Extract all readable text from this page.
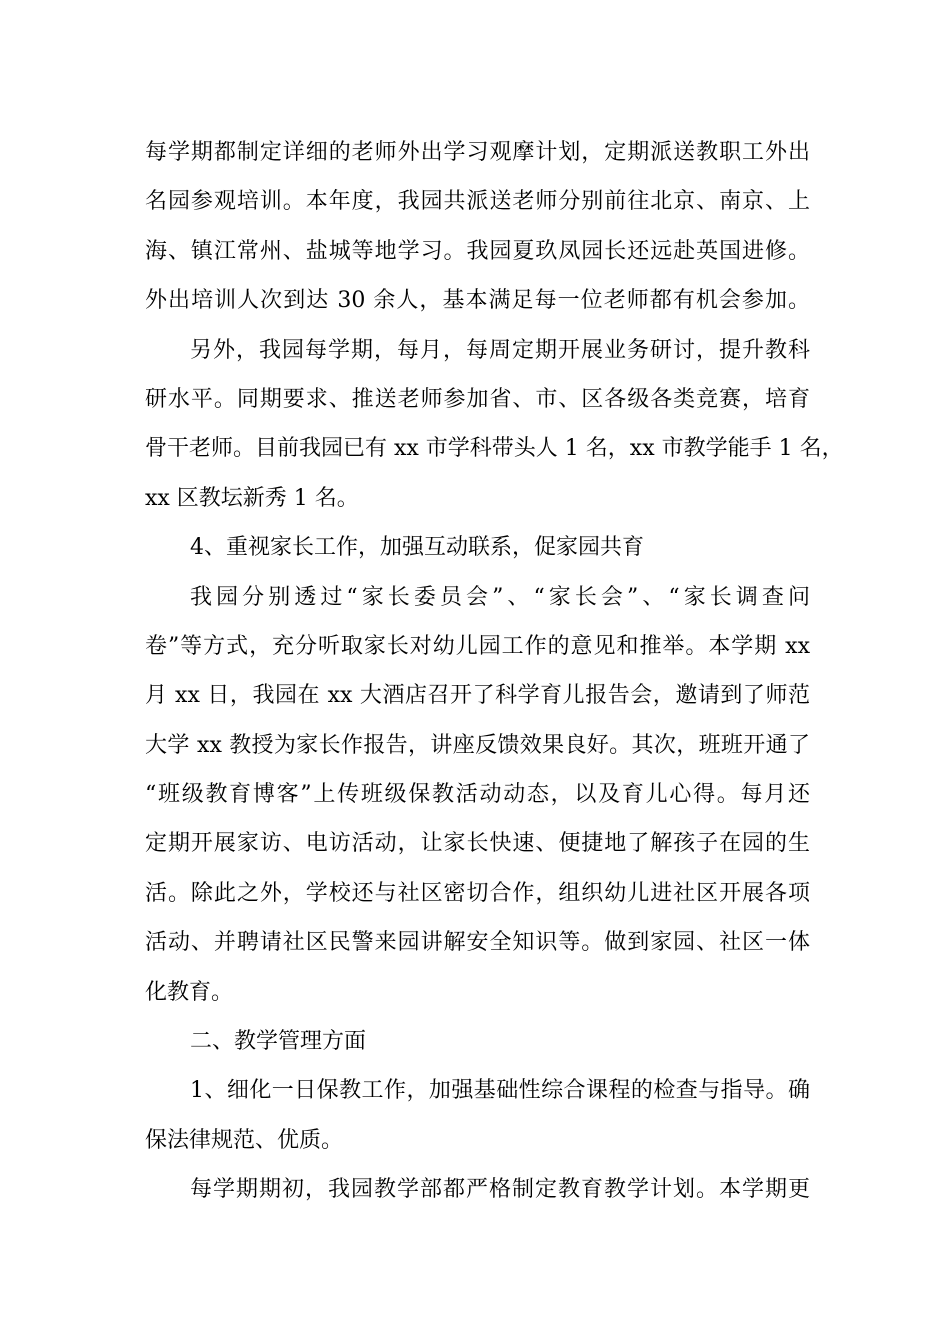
每学期都制定详细的老师外出学习观摩计划，定期派送教职工外出
名园参观培训。本年度，我园共派送老师分别前往北京、南京、上
海、镇江常州、盐城等地学习。我园夏玖凤园长还远赴英国进修。
外出培训人次到达 30 余人，基本满足每一位老师都有机会参加。
另外，我园每学期，每月，每周定期开展业务研讨，提升教科
研水平。同期要求、推送老师参加省、市、区各级各类竞赛，培育
骨干老师。目前我园已有 xx 市学科带头人 1 名，xx 市教学能手 1 名，
xx 区教坛新秀 1 名。
4、重视家长工作，加强互动联系，促家园共育
我园分别透过“家长委员会”、“家长会”、“家长调查问
卷”等方式，充分听取家长对幼儿园工作的意见和推举。本学期 xx
月 xx 日，我园在 xx 大酒店召开了科学育儿报告会，邀请到了师范
大学 xx 教授为家长作报告，讲座反馈效果良好。其次，班班开通了
“班级教育博客”上传班级保教活动动态，以及育儿心得。每月还
定期开展家访、电访活动，让家长快速、便捷地了解孩子在园的生
活。除此之外，学校还与社区密切合作，组织幼儿进社区开展各项
活动、并聘请社区民警来园讲解安全知识等。做到家园、社区一体
化教育。
二、教学管理方面
1、细化一日保教工作，加强基础性综合课程的检查与指导。确
保法律规范、优质。
每学期期初，我园教学部都严格制定教育教学计划。本学期更
